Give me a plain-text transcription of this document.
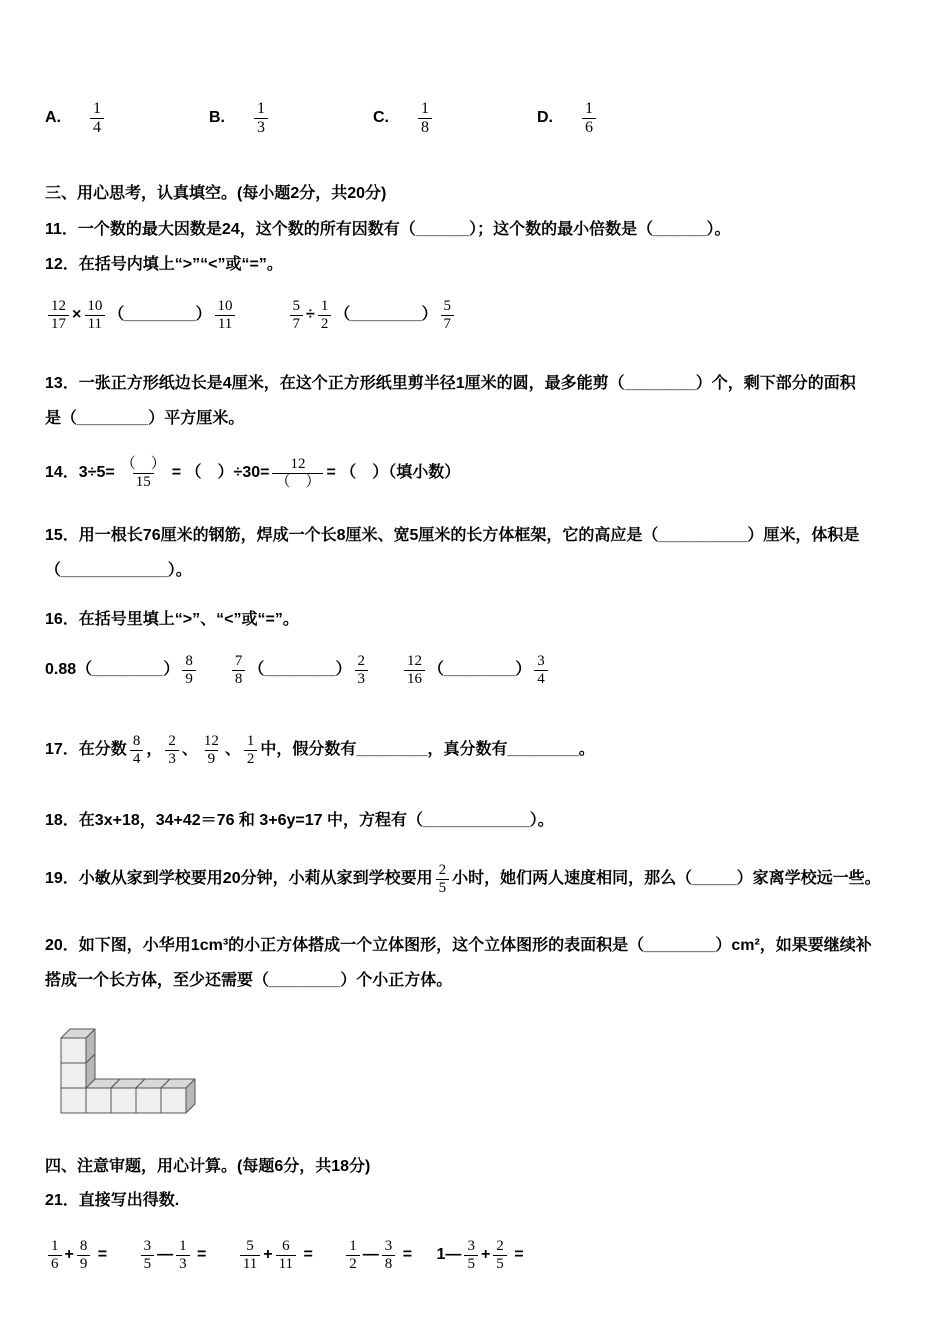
A. $\frac{1}{4}$	B. $\frac{1}{3}$	C. $\frac{1}{8}$	D. $\frac{1}{6}$
三、用心思考，认真填空。(每小题2分，共20分)
11．一个数的最大因数是24，这个数的所有因数有（______）；这个数的最小倍数是（______）。
12．在括号内填上“>”“<”或“=”。
$\frac{12}{17} \times \frac{10}{11}$ （________） $\frac{10}{11}$	$\frac{5}{7} \div \frac{1}{2}$ （________） $\frac{5}{7}$
13．一张正方形纸边长是4厘米，在这个正方形纸里剪半径1厘米的圆，最多能剪（________）个，剩下部分的面积
是（________）平方厘米。
14．$3\div 5= \frac{( )}{15}$ = （　）$\div 30= \frac{12}{( )}$ = （　）（填小数）
15．用一根长76厘米的钢筋，焊成一个长8厘米、宽5厘米的长方体框架，它的高应是（__________）厘米，体积是
（____________）。
16．在括号里填上“>”、“<”或“=”。
0.88（________） $\frac{8}{9} \frac{7}{8}$ （________） $\frac{2}{3} \frac{12}{16}$ （________） $\frac{3}{4}$
17．在分数 $\frac{8}{4}$ ， $\frac{2}{3}$ 、 $\frac{12}{9}$ 、 $\frac{1}{2}$ 中，假分数有________，真分数有________。
18．在3x+18，34+42＝76 和 3+6y=17 中，方程有（____________）。
19．小敏从家到学校要用20分钟，小莉从家到学校要用 $\frac{2}{5}$ 小时，她们两人速度相同，那么（_____）家离学校远一些。
20．如下图，小华用1cm³的小正方体搭成一个立体图形，这个立体图形的表面积是（________）cm²，如果要继续补
搭成一个长方体，至少还需要（________）个小正方体。
四、注意审题，用心计算。(每题6分，共18分)
21．直接写出得数.
$\frac{1}{6} + \frac{8}{9} = \frac{3}{5}$ — $\frac{1}{3} = \frac{5}{11} + \frac{6}{11} = \frac{1}{2}$ — $\frac{3}{8}$ = 1— $\frac{3}{5} + \frac{2}{5}$ =
